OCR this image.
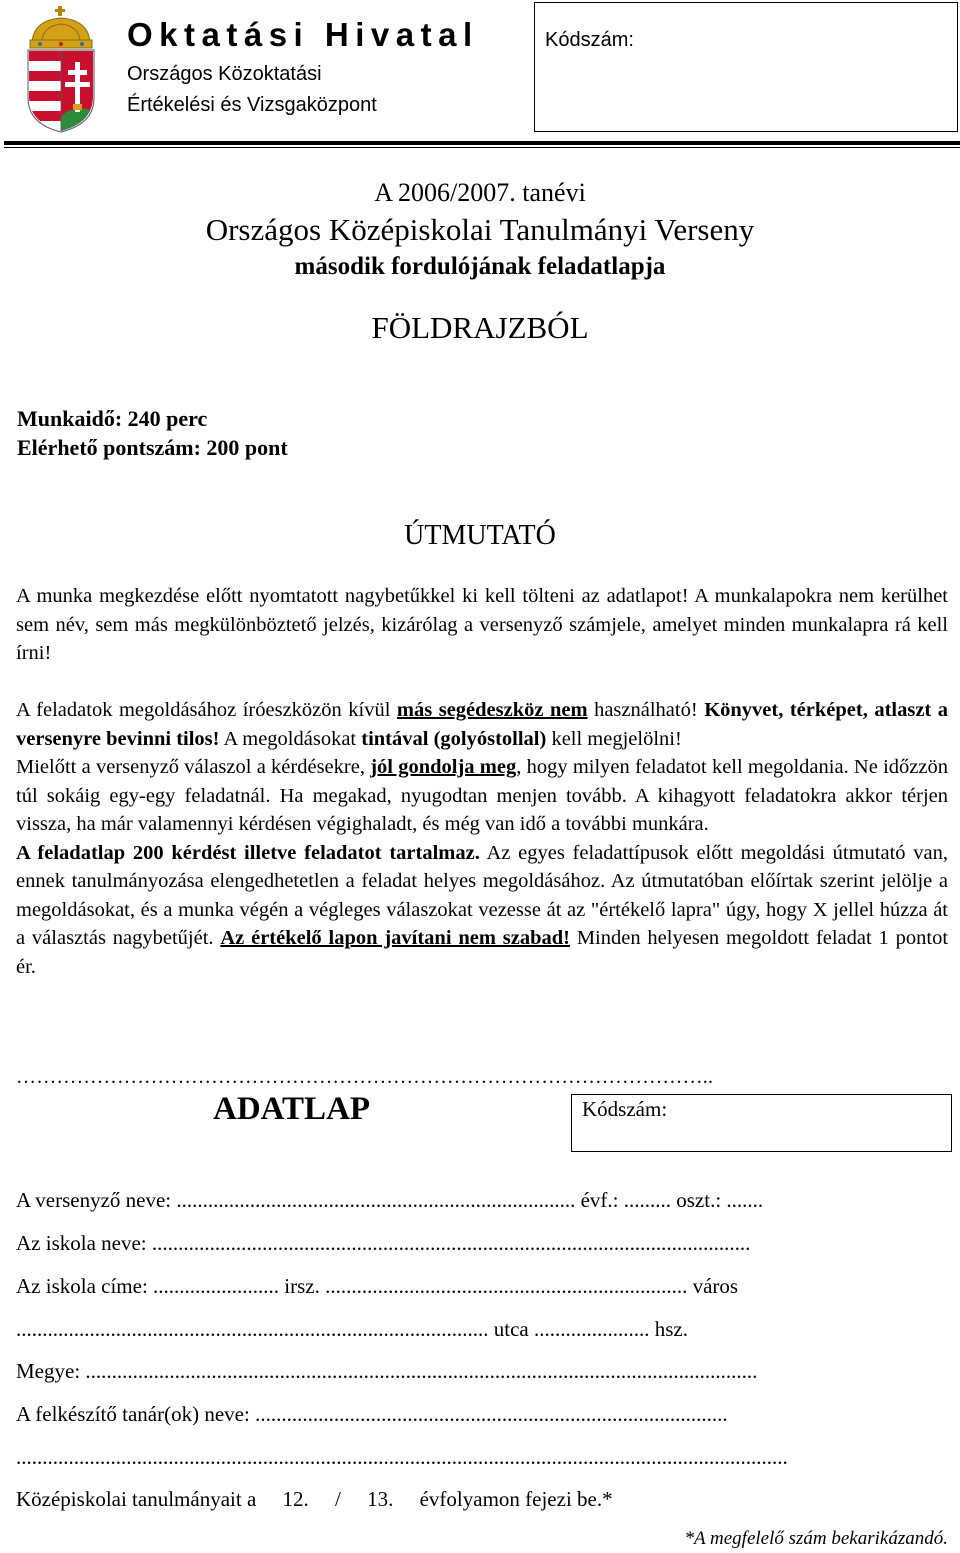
Oktatási Hivatal
Országos Közoktatási
Értékelési és Vizsgaközpont
Kódszám:
A 2006/2007. tanévi
Országos Középiskolai Tanulmányi Verseny
második fordulójának feladatlapja
FÖLDRAJZBÓL
Munkaidő: 240 perc
Elérhető pontszám: 200 pont
ÚTMUTATÓ

A munka megkezdése előtt nyomtatott nagybetűkkel ki kell tölteni az adatlapot! A munkalapokra nem kerülhet sem név, sem más megkülönböztető jelzés, kizárólag a versenyző számjele, amelyet minden munkalapra rá kell írni!

A feladatok megoldásához íróeszközön kívül más segédeszköz nem használható! Könyvet, térképet, atlaszt a versenyre bevinni tilos! A megoldásokat tintával (golyóstollal) kell megjelölni!

Mielőtt a versenyző válaszol a kérdésekre, jól gondolja meg, hogy milyen feladatot kell megoldania. Ne időzzön túl sokáig egy-egy feladatnál. Ha megakad, nyugodtan menjen tovább. A kihagyott feladatokra akkor térjen vissza, ha már valamennyi kérdésen végighaladt, és még van idő a további munkára.

A feladatlap 200 kérdést illetve feladatot tartalmaz. Az egyes feladattípusok előtt megoldási útmutató van, ennek tanulmányozása elengedhetetlen a feladat helyes megoldásához. Az útmutatóban előírtak szerint jelölje a megoldásokat, és a munka végén a végleges válaszokat vezesse át az "értékelő lapra" úgy, hogy X jellel húzza át a választás nagybetűjét. Az értékelő lapon javítani nem szabad! Minden helyesen megoldott feladat 1 pontot ér.

…………………………………………………………………………………………..
ADATLAP	Kódszám:
A versenyző neve: ............................................................................ évf.: ......... oszt.: .......
Az iskola neve: ..................................................................................................................
Az iskola címe: ........................ irsz. ..................................................................... város
.......................................................................................... utca ...................... hsz.
Megye: ................................................................................................................................
A felkészítő tanár(ok) neve: ..........................................................................................
...................................................................................................................................................
Középiskolai tanulmányait a     12.     /     13.     évfolyamon fejezi be.*
*A megfelelő szám bekarikázandó.
